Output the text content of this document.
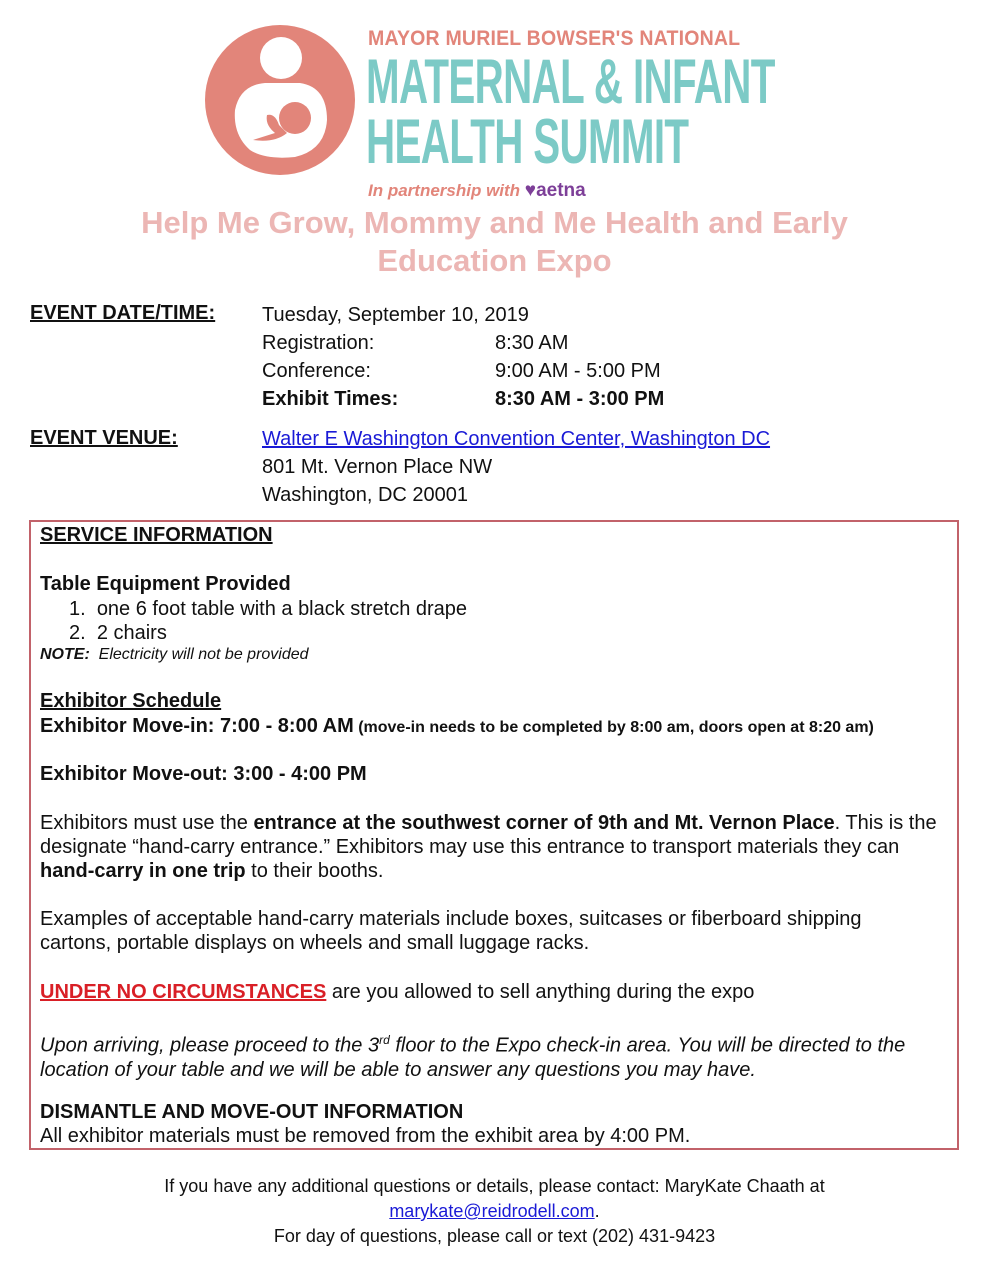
MAYOR MURIEL BOWSER'S NATIONAL
MATERNAL & INFANT
HEALTH SUMMIT
In partnership with ♥aetna
Help Me Grow, Mommy and Me Health and Early
Education Expo
EVENT DATE/TIME: Tuesday, September 10, 2019
Registration:	8:30 AM
Conference:	9:00 AM - 5:00 PM
Exhibit Times:	8:30 AM - 3:00 PM
EVENT VENUE:	Walter E Washington Convention Center, Washington DC
801 Mt. Vernon Place NW
Washington, DC 20001
SERVICE INFORMATION
Table Equipment Provided
1. one 6 foot table with a black stretch drape
2. 2 chairs
NOTE: Electricity will not be provided
Exhibitor Schedule
Exhibitor Move-in: 7:00 - 8:00 AM (move-in needs to be completed by 8:00 am, doors open at 8:20 am)
Exhibitor Move-out: 3:00 - 4:00 PM
Exhibitors must use the entrance at the southwest corner of 9th and Mt. Vernon Place. This is the designate “hand-carry entrance.” Exhibitors may use this entrance to transport materials they can hand-carry in one trip to their booths.
Examples of acceptable hand-carry materials include boxes, suitcases or fiberboard shipping cartons, portable displays on wheels and small luggage racks.
UNDER NO CIRCUMSTANCES are you allowed to sell anything during the expo
Upon arriving, please proceed to the 3rd floor to the Expo check-in area. You will be directed to the location of your table and we will be able to answer any questions you may have.
DISMANTLE AND MOVE-OUT INFORMATION
All exhibitor materials must be removed from the exhibit area by 4:00 PM.
If you have any additional questions or details, please contact: MaryKate Chaath at
marykate@reidrodell.com.
For day of questions, please call or text (202) 431-9423
